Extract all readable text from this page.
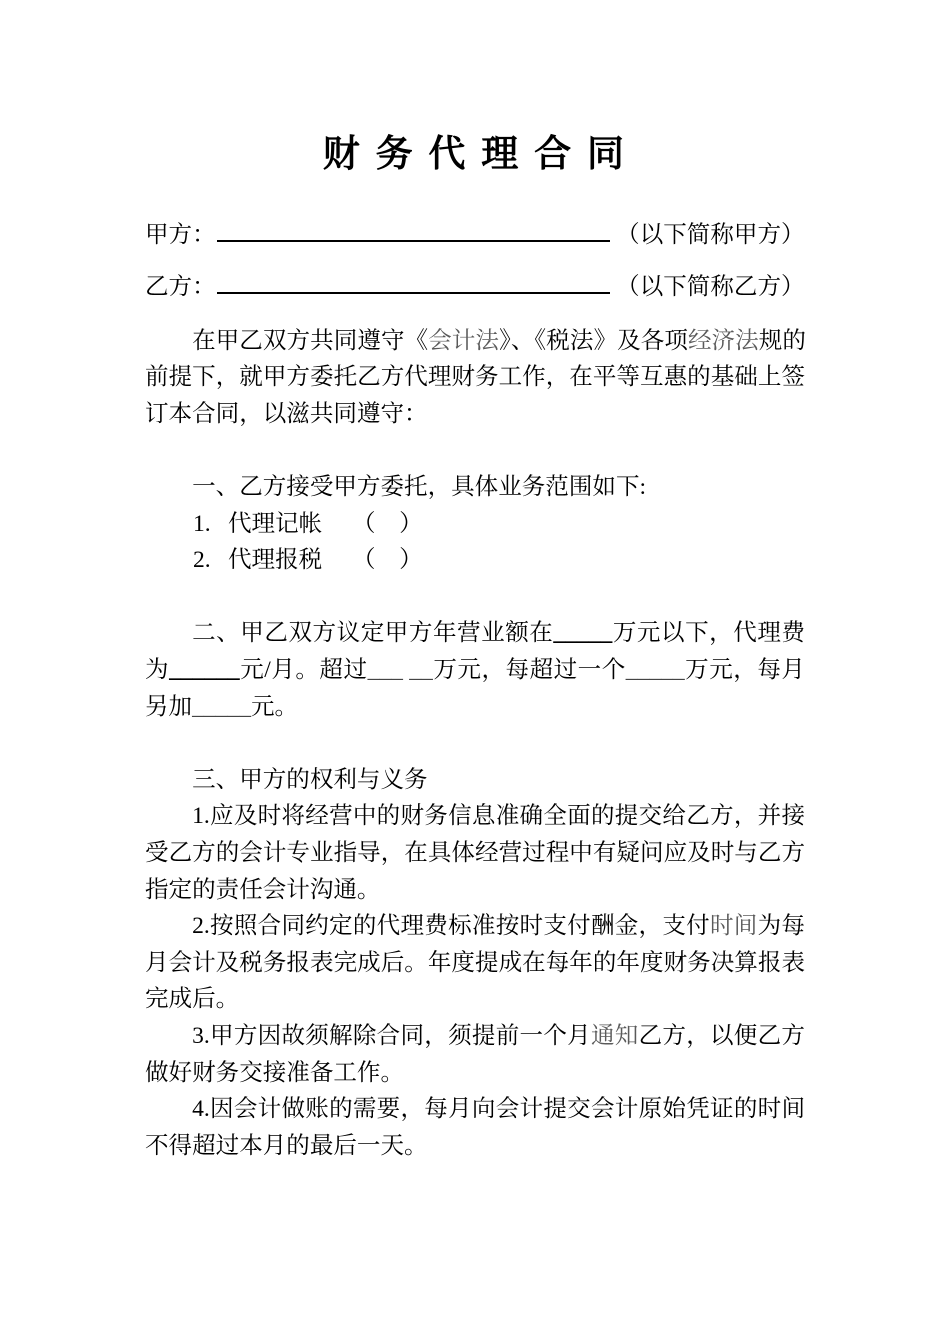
财 务 代 理 合 同
甲方：	（以下简称甲方）
乙方：	（以下简称乙方）
在甲乙双方共同遵守《会计法》、《税法》及各项经济法规的
前提下，就甲方委托乙方代理财务工作，在平等互惠的基础上签
订本合同，以滋共同遵守：
一、乙方接受甲方委托，具体业务范围如下:
1. 代理记帐 （　）
2. 代理报税 （　）
二、甲乙双方议定甲方年营业额在_____万元以下，代理费
为______元/月。超过___ __万元，每超过一个_____万元，每月
另加_____元。
三、甲方的权利与义务
1.应及时将经营中的财务信息准确全面的提交给乙方，并接
受乙方的会计专业指导，在具体经营过程中有疑问应及时与乙方
指定的责任会计沟通。
2.按照合同约定的代理费标准按时支付酬金，支付时间为每
月会计及税务报表完成后。年度提成在每年的年度财务决算报表
完成后。
3.甲方因故须解除合同，须提前一个月通知乙方，以便乙方
做好财务交接准备工作。
4.因会计做账的需要，每月向会计提交会计原始凭证的时间
不得超过本月的最后一天。
